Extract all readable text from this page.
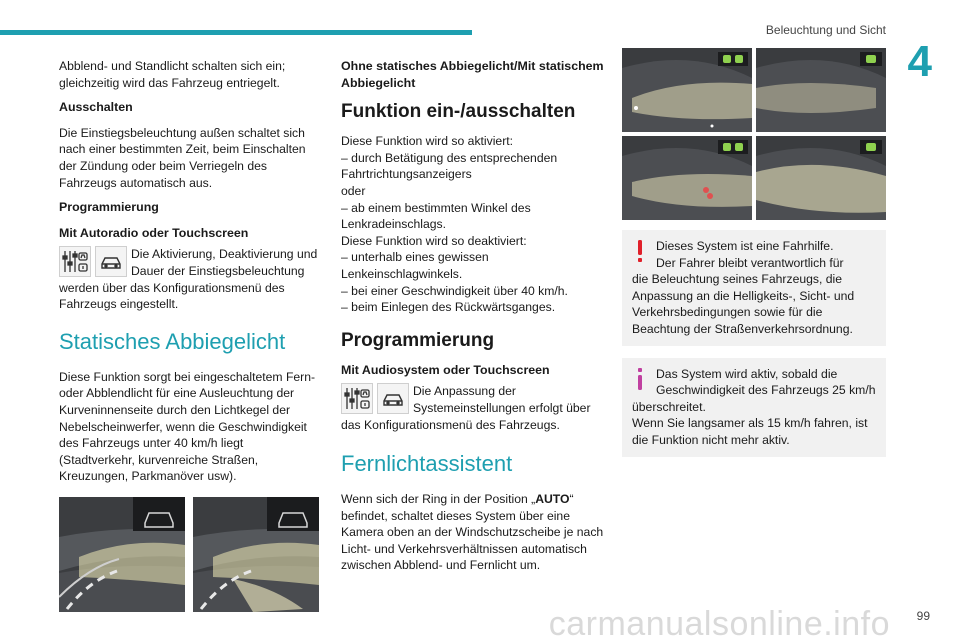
Beleuchtung und Sicht
4
carmanualsonline.info 99

Abblend- und Standlicht schalten sich ein; gleichzeitig wird das Fahrzeug entriegelt.

Ausschalten

Die Einstiegsbeleuchtung außen schaltet sich nach einer bestimmten Zeit, beim Einschalten der Zündung oder beim Verriegeln des Fahrzeugs automatisch aus.

Programmierung
Mit Autoradio oder Touchscreen
Die Aktivierung, Deaktivierung und Dauer der Einstiegsbeleuchtung werden über das Konfigurationsmenü des Fahrzeugs eingestellt.
Statisches Abbiegelicht

Diese Funktion sorgt bei eingeschaltetem Fern- oder Abblendlicht für eine Ausleuchtung der Kurveninnenseite durch den Lichtkegel der Nebelscheinwerfer, wenn die Geschwindigkeit des Fahrzeugs unter 40 km/h liegt (Stadtverkehr, kurvenreiche Straßen, Kreuzungen, Parkmanöver usw).

Ohne statisches Abbiegelicht/Mit statischem Abbiegelicht
Funktion ein-/ausschalten
Diese Funktion wird so aktiviert:
– durch Betätigung des entsprechenden Fahrtrichtungsanzeigers
oder
– ab einem bestimmten Winkel des Lenkradeinschlags.
Diese Funktion wird so deaktiviert:
– unterhalb eines gewissen Lenkeinschlagwinkels.
– bei einer Geschwindigkeit über 40 km/h.
– beim Einlegen des Rückwärtsganges.
Programmierung
Mit Audiosystem oder Touchscreen
Die Anpassung der Systemeinstellungen erfolgt über das Konfigurationsmenü des Fahrzeugs.
Fernlichtassistent

Wenn sich der Ring in der Position „AUTO“ befindet, schaltet dieses System über eine Kamera oben an der Windschutzscheibe je nach Licht- und Verkehrsverhältnissen automatisch zwischen Abblend- und Fernlicht um.

Dieses System ist eine Fahrhilfe.
Der Fahrer bleibt verantwortlich für
die Beleuchtung seines Fahrzeugs, die Anpassung an die Helligkeits-, Sicht- und Verkehrsbedingungen sowie für die Beachtung der Straßenverkehrsordnung.
Das System wird aktiv, sobald die
Geschwindigkeit des Fahrzeugs 25 km/h
überschreitet.
Wenn Sie langsamer als 15 km/h fahren, ist die Funktion nicht mehr aktiv.
